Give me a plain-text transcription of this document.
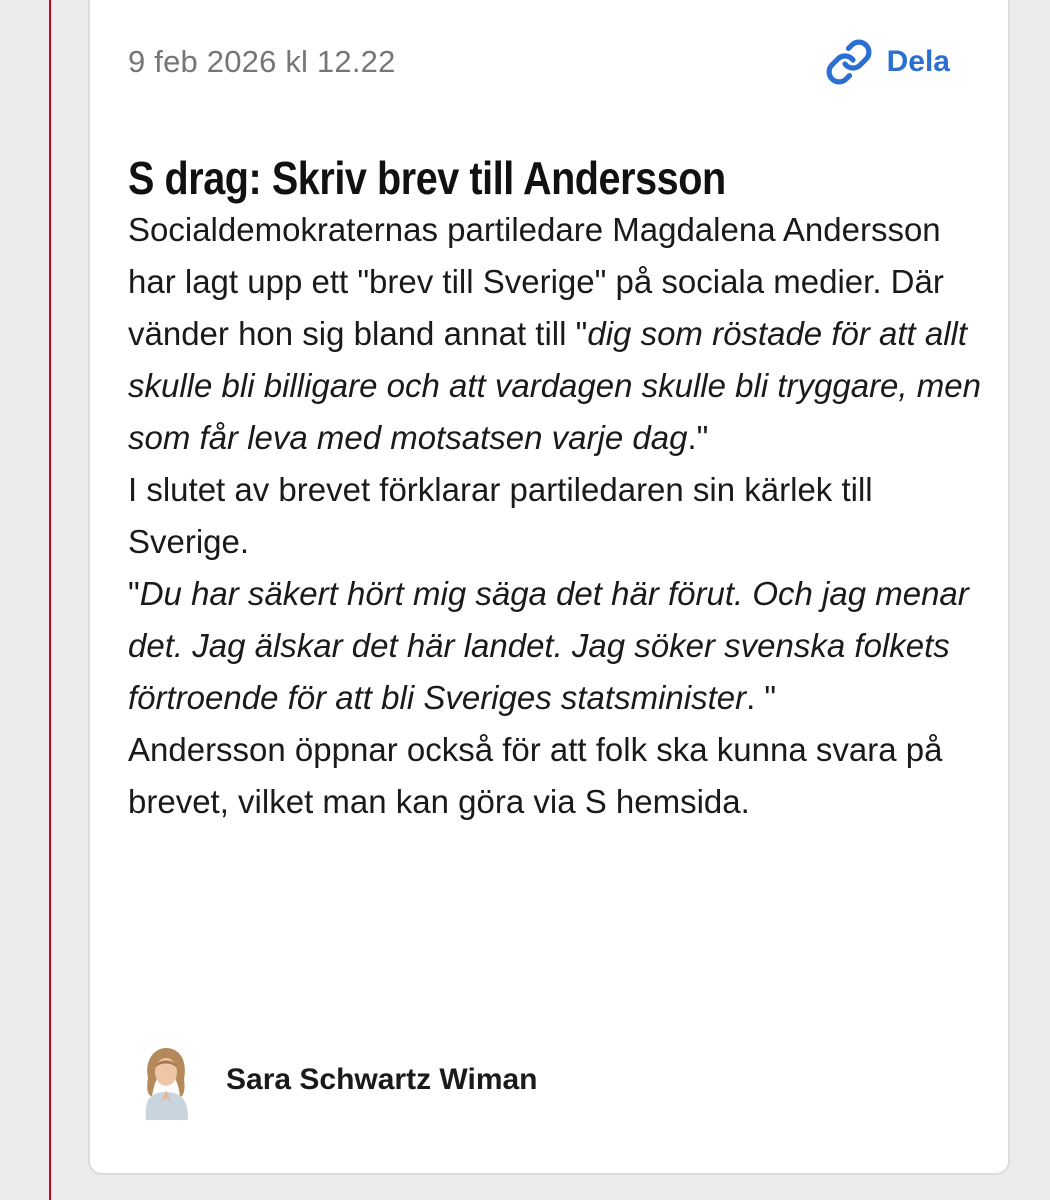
9 feb 2026 kl 12.22	Dela
S drag: Skriv brev till Andersson

Socialdemokraternas partiledare Magdalena Andersson har lagt upp ett "brev till Sverige" på sociala medier. Där vänder hon sig bland annat till "dig som röstade för att allt skulle bli billigare och att vardagen skulle bli tryggare, men som får leva med motsatsen varje dag."

I slutet av brevet förklarar partiledaren sin kärlek till Sverige.

"Du har säkert hört mig säga det här förut. Och jag menar det. Jag älskar det här landet. Jag söker svenska folkets förtroende för att bli Sveriges statsminister. "

Andersson öppnar också för att folk ska kunna svara på brevet, vilket man kan göra via S hemsida.

Sara Schwartz Wiman
